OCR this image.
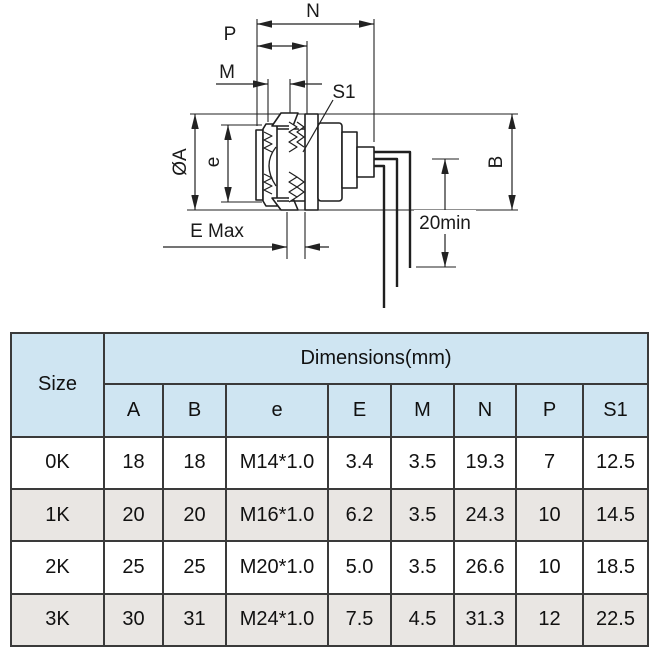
N
P
M
S1
ØA e	B
E Max	20min
Size	Dimensions(mm)							
	A	B	e	E	M	N	P	S1
0K	18	18	M14*1.0	3.4	3.5	19.3	7	12.5
1K	20	20	M16*1.0	6.2	3.5	24.3	10	14.5
2K	25	25	M20*1.0	5.0	3.5	26.6	10	18.5
3K	30	31	M24*1.0	7.5	4.5	31.3	12	22.5
